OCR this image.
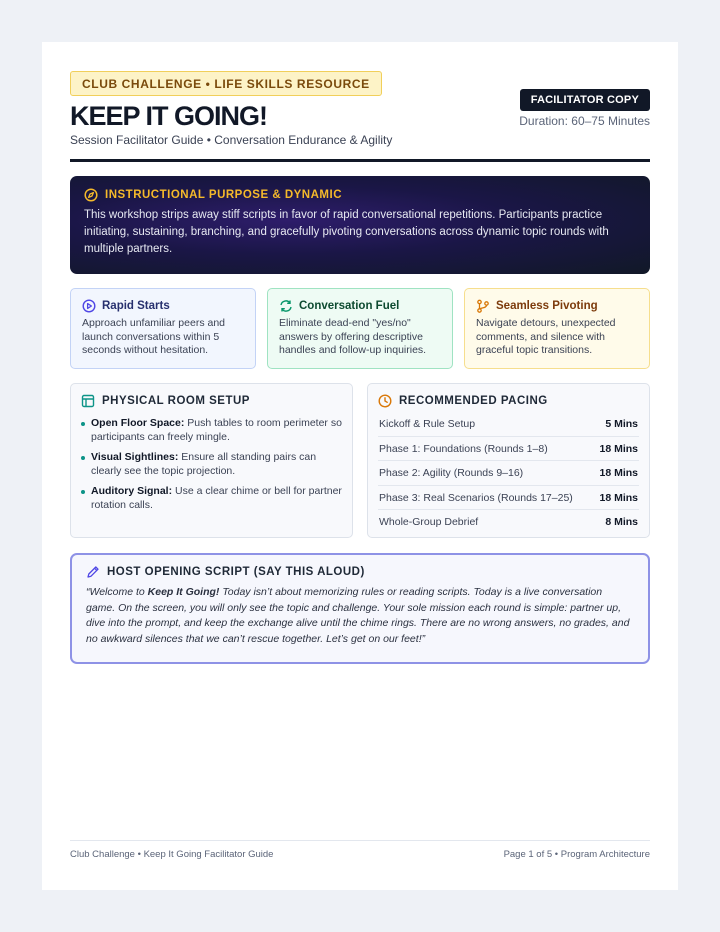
CLUB CHALLENGE • LIFE SKILLS RESOURCE
KEEP IT GOING!
Session Facilitator Guide • Conversation Endurance & Agility
FACILITATOR COPY
Duration: 60–75 Minutes
INSTRUCTIONAL PURPOSE & DYNAMIC
This workshop strips away stiff scripts in favor of rapid conversational repetitions. Participants practice initiating, sustaining, branching, and gracefully pivoting conversations across dynamic topic rounds with multiple partners.
Rapid Starts
Approach unfamiliar peers and launch conversations within 5 seconds without hesitation.
Conversation Fuel
Eliminate dead-end "yes/no" answers by offering descriptive handles and follow-up inquiries.
Seamless Pivoting
Navigate detours, unexpected comments, and silence with graceful topic transitions.
PHYSICAL ROOM SETUP
Open Floor Space: Push tables to room perimeter so participants can freely mingle.
Visual Sightlines: Ensure all standing pairs can clearly see the topic projection.
Auditory Signal: Use a clear chime or bell for partner rotation calls.
RECOMMENDED PACING
Kickoff & Rule Setup	5 Mins
Phase 1: Foundations (Rounds 1–8)	18 Mins
Phase 2: Agility (Rounds 9–16)	18 Mins
Phase 3: Real Scenarios (Rounds 17–25)	18 Mins
Whole-Group Debrief	8 Mins
HOST OPENING SCRIPT (SAY THIS ALOUD)
“Welcome to Keep It Going! Today isn’t about memorizing rules or reading scripts. Today is a live conversation game. On the screen, you will only see the topic and challenge. Your sole mission each round is simple: partner up, dive into the prompt, and keep the exchange alive until the chime rings. There are no wrong answers, no grades, and no awkward silences that we can’t rescue together. Let’s get on our feet!”
Club Challenge • Keep It Going Facilitator Guide	Page 1 of 5 • Program Architecture
